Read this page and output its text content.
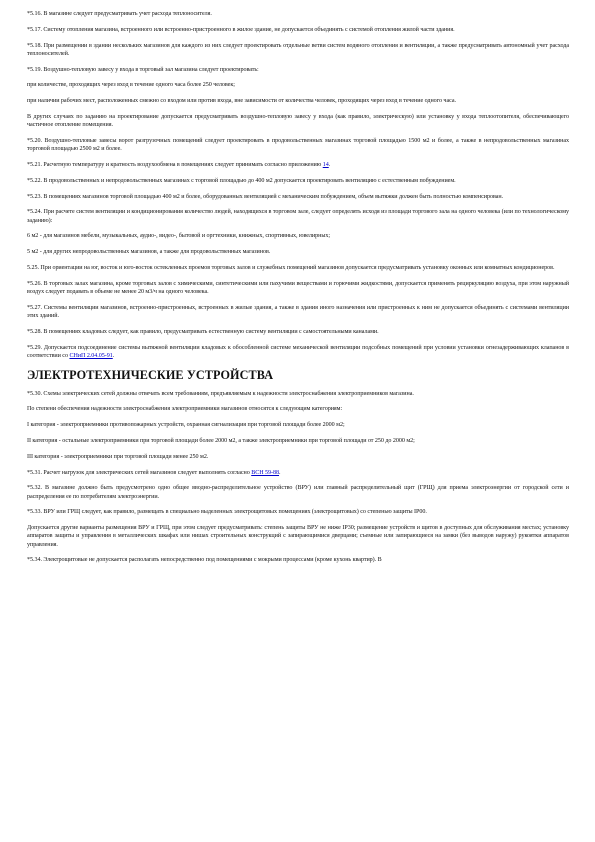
*5.16. В магазине следует предусматривать учет расхода теплоносителя.
*5.17. Систему отопления магазина, встроенного или встроенно-пристроенного в жилое здание, не допускается объединять с системой отопления жилой части здания.
*5.18. При размещении в здании нескольких магазинов для каждого из них следует проектировать отдельные ветви систем водяного отопления и вентиляции, а также предусматривать автономный учет расхода теплоносителей.
*5.19. Воздушно-тепловую завесу у входа в торговый зал магазина следует проектировать:
при количестве, проходящих через вход в течение одного часа более 250 человек;
при наличии рабочих мест, расположенных смежно со входом или против входа, вне зависимости от количества человек, проходящих через вход в течение одного часа.
В других случаях по заданию на проектирование допускается предусматривать воздушно-тепловую завесу у входа (как правило, электрическую) или установку у входа теплоотопителя, обеспечивающего частичное отопление помещения.
*5.20. Воздушно-тепловые завесы ворот разгрузочных помещений следует проектировать в продовольственных магазинах торговой площадью 1500 м2 и более, а также в непродовольственных магазинах торговой площадью 2500 м2 и более.
*5.21. Расчетную температуру и кратность воздухообмена в помещениях следует принимать согласно приложению 14.
*5.22. В продовольственных и непродовольственных магазинах с торговой площадью до 400 м2 допускается проектировать вентиляцию с естественным побуждением.
*5.23. В помещениях магазинов торговой площадью 400 м2 и более, оборудованных вентиляцией с механическим побуждением, объем вытяжки должен быть полностью компенсирован.
*5.24. При расчете систем вентиляции и кондиционирования количество людей, находящихся в торговом зале, следует определять исходя из площади торгового зала на одного человека (или по технологическому заданию):
6 м2 - для магазинов мебели, музыкальных, аудио-, видео-, бытовой и оргтехники, книжных, спортивных, ювелирных;
5 м2 - для других непродовольственных магазинов, а также для продовольственных магазинов.
5.25. При ориентации на юг, восток и юго-восток остекленных проемов торговых залов и служебных помещений магазинов допускается предусматривать установку оконных или комнатных кондиционеров.
*5.26. В торговых залах магазина, кроме торговых залов с химическими, синтетическими или пахучими веществами и горючими жидкостями, допускается применять рециркуляцию воздуха, при этом наружный воздух следует подавать в объеме не менее 20 м3/ч на одного человека.
*5.27. Системы вентиляции магазинов, встроенно-пристроенных, встроенных в жилые здания, а также в здания иного назначения или пристроенных к ним не допускается объединять с системами вентиляции этих зданий.
*5.28. В помещениях кладовых следует, как правило, предусматривать естественную систему вентиляции с самостоятельными каналами.
*5.29. Допускается подсоединение системы вытяжной вентиляции кладовых к обособленной системе механической вентиляции подсобных помещений при условии установки огнезадерживающих клапанов в соответствии со СНиП 2.04.05-91.
ЭЛЕКТРОТЕХНИЧЕСКИЕ УСТРОЙСТВА
*5.30. Схемы электрических сетей должны отвечать всем требованиям, предъявляемым к надежности электроснабжения электроприемников магазина.
По степени обеспечения надежности электроснабжения электроприемники магазинов относятся к следующим категориям:
I категория - электроприемники противопожарных устройств, охранная сигнализация при торговой площади более 2000 м2;
II категория - остальные электроприемники при торговой площади более 2000 м2, а также электроприемники при торговой площади от 250 до 2000 м2;
III категория - электроприемники при торговой площади менее 250 м2.
*5.31. Расчет нагрузок для электрических сетей магазинов следует выполнять согласно ВСН 59-88.
*5.32. В магазине должно быть предусмотрено одно общее вводно-распределительное устройство (ВРУ) или главный распределительный щит (ГРЩ) для приема электроэнергии от городской сети и распределения ее по потребителям электроэнергии.
*5.33. ВРУ или ГРЩ следует, как правило, размещать в специально выделенных электрощитовых помещениях (электрощитовых) со степенью защиты IP00.
Допускается другие варианты размещения ВРУ и ГРЩ, при этом следует предусматривать: степень защиты ВРУ не ниже IP30; размещение устройств и щитов в доступных для обслуживания местах; установку аппаратов защиты и управления в металлических шкафах или нишах строительных конструкций с запирающимися дверцами; съемные или запирающиеся на замки (без выводов наружу) рукоятки аппаратов управления.
*5.34. Электрощитовые не допускается располагать непосредственно под помещениями с мокрыми процессами (кроме кухонь квартир). В
